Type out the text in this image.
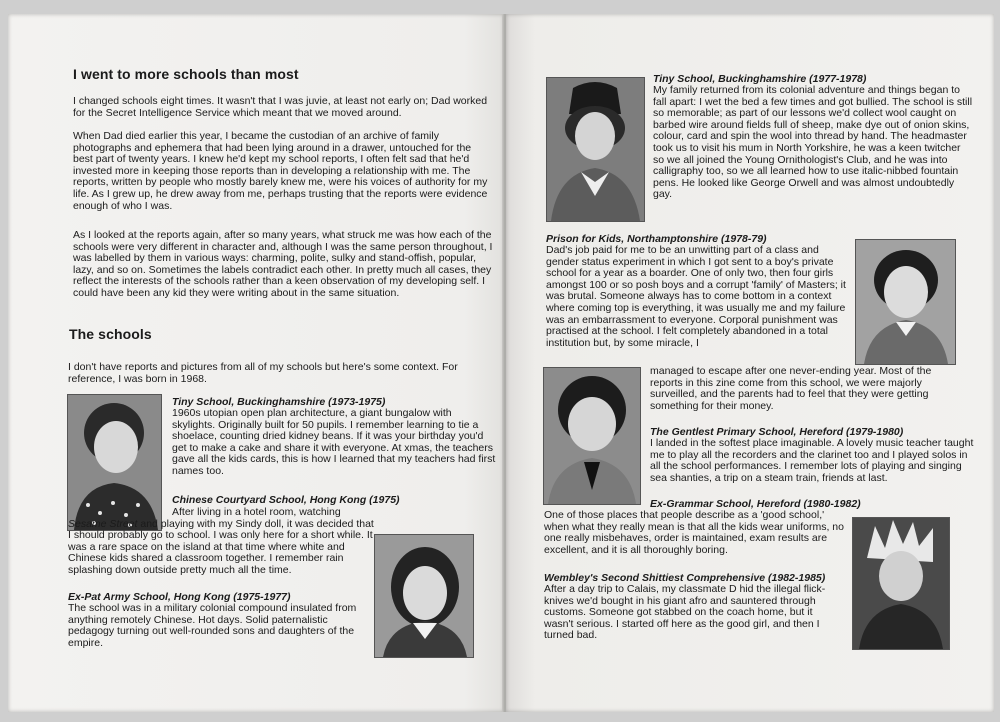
I went to more schools than most

I changed schools eight times. It wasn't that I was juvie, at least not early on; Dad worked for the Secret Intelligence Service which meant that we moved around.

When Dad died earlier this year, I became the custodian of an archive of family photographs and ephemera that had been lying around in a drawer, untouched for the best part of twenty years. I knew he'd kept my school reports, I often felt sad that he'd invested more in keeping those reports than in developing a relationship with me. The reports, written by people who mostly barely knew me, were his voices of authority for my life. As I grew up, he drew away from me, perhaps trusting that the reports were evidence enough of who I was.

As I looked at the reports again, after so many years, what struck me was how each of the schools were very different in character and, although I was the same person throughout, I was labelled by them in various ways: charming, polite, sulky and stand-offish, popular, lazy, and so on. Sometimes the labels contradict each other. In pretty much all cases, they reflect the interests of the schools rather than a keen observation of my developing self. I could have been any kid they were writing about in the same situation.

The schools

I don't have reports and pictures from all of my schools but here's some context. For reference, I was born in 1968.

Tiny School, Buckinghamshire (1973-1975)
1960s utopian open plan architecture, a giant bungalow with skylights. Originally built for 50 pupils. I remember learning to tie a shoelace, counting dried kidney beans. If it was your birthday you'd get to make a cake and share it with everyone. At xmas, the teachers gave all the kids cards, this is how I learned that my teachers had first names too.
Chinese Courtyard School, Hong Kong (1975)

After living in a hotel room, watching Sesame Street and playing with my Sindy doll, it was decided that I should probably go to school. I was only here for a short while. It was a rare space on the island at that time where white and Chinese kids shared a classroom together. I remember rain splashing down outside pretty much all the time.

Ex-Pat Army School, Hong Kong (1975-1977)
The school was in a military colonial compound insulated from anything remotely Chinese. Hot days. Solid paternalistic pedagogy turning out well-rounded sons and daughters of the empire.
Tiny School, Buckinghamshire (1977-1978)
My family returned from its colonial adventure and things began to fall apart: I wet the bed a few times and got bullied. The school is still so memorable; as part of our lessons we'd collect wool caught on barbed wire around fields full of sheep, make dye out of onion skins, colour, card and spin the wool into thread by hand. The headmaster took us to visit his mum in North Yorkshire, he was a keen twitcher so we all joined the Young Ornithologist's Club, and he was into calligraphy too, so we all learned how to use italic-nibbed fountain pens. He looked like George Orwell and was almost undoubtedly gay.
Prison for Kids, Northamptonshire (1978-79)
Dad's job paid for me to be an unwitting part of a class and gender status experiment in which I got sent to a boy's private school for a year as a boarder. One of only two, then four girls amongst 100 or so posh boys and a corrupt 'family' of Masters; it was brutal. Someone always has to come bottom in a context where coming top is everything, it was usually me and my failure was an embarrassment to everyone. Corporal punishment was practised at the school. I felt completely abandoned in a total institution but, by some miracle, I

managed to escape after one never-ending year. Most of the reports in this zine come from this school, we were majorly surveilled, and the parents had to feel that they were getting something for their money.

The Gentlest Primary School, Hereford (1979-1980)
I landed in the softest place imaginable. A lovely music teacher taught me to play all the recorders and the clarinet too and I played solos in all the school performances. I remember lots of playing and singing sea shanties, a trip on a steam train, friends at last.
Ex-Grammar School, Hereford (1980-1982)

One of those places that people describe as a 'good school,' when what they really mean is that all the kids wear uniforms, no one really misbehaves, order is maintained, exam results are excellent, and it is all thoroughly boring.

Wembley's Second Shittiest Comprehensive (1982-1985)
After a day trip to Calais, my classmate D hid the illegal flick-knives we'd bought in his giant afro and sauntered through customs. Someone got stabbed on the coach home, but it wasn't serious. I started off here as the good girl, and then I turned bad.
